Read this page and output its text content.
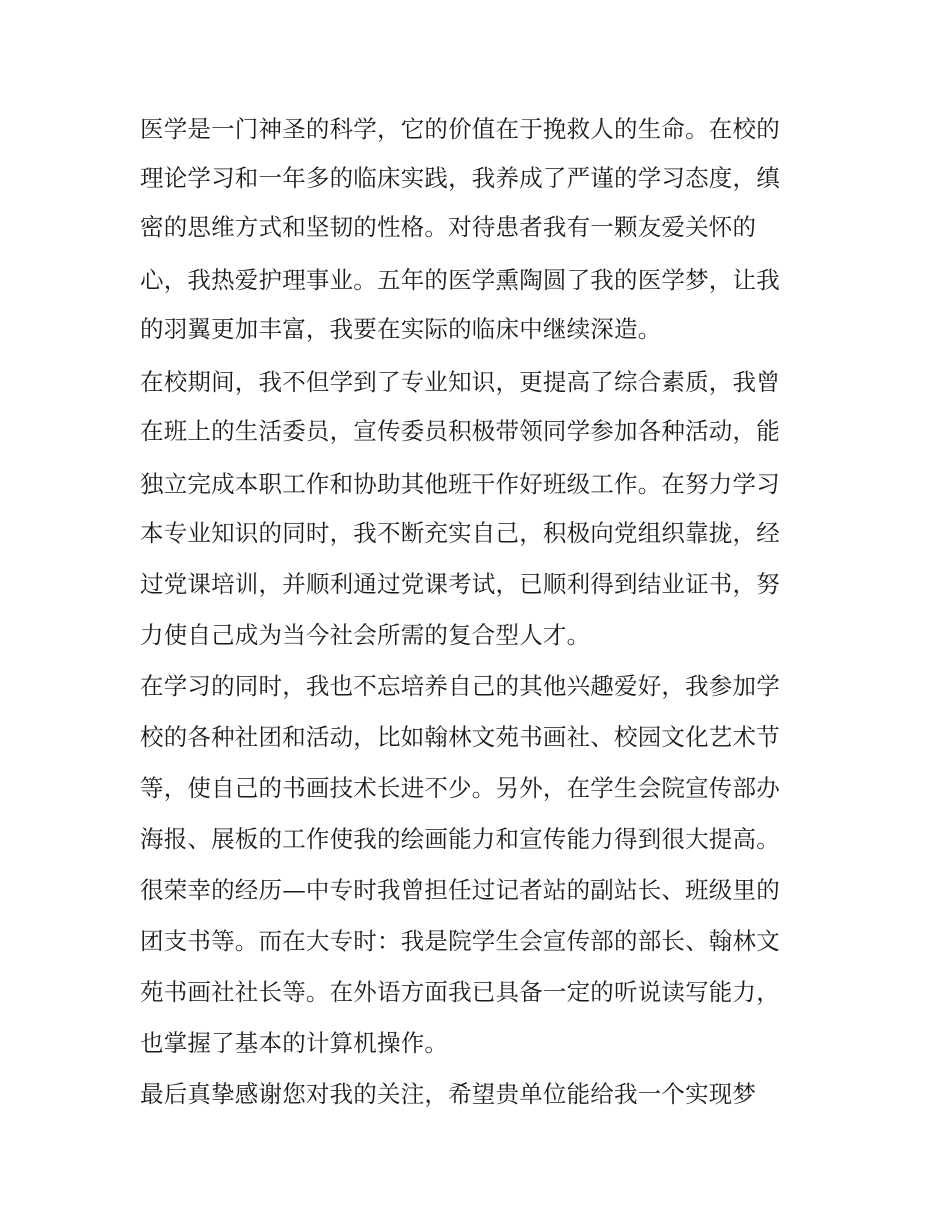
医学是一门神圣的科学，它的价值在于挽救人的生命。在校的
理论学习和一年多的临床实践，我养成了严谨的学习态度，缜
密的思维方式和坚韧的性格。对待患者我有一颗友爱关怀的
心，我热爱护理事业。五年的医学熏陶圆了我的医学梦，让我
的羽翼更加丰富，我要在实际的临床中继续深造。
在校期间，我不但学到了专业知识，更提高了综合素质，我曾
在班上的生活委员，宣传委员积极带领同学参加各种活动，能
独立完成本职工作和协助其他班干作好班级工作。在努力学习
本专业知识的同时，我不断充实自己，积极向党组织靠拢，经
过党课培训，并顺利通过党课考试，已顺利得到结业证书，努
力使自己成为当今社会所需的复合型人才。
在学习的同时，我也不忘培养自己的其他兴趣爱好，我参加学
校的各种社团和活动，比如翰林文苑书画社、校园文化艺术节
等，使自己的书画技术长进不少。另外，在学生会院宣传部办
海报、展板的工作使我的绘画能力和宣传能力得到很大提高。
很荣幸的经历—中专时我曾担任过记者站的副站长、班级里的
团支书等。而在大专时：我是院学生会宣传部的部长、翰林文
苑书画社社长等。在外语方面我已具备一定的听说读写能力，
也掌握了基本的计算机操作。
最后真挚感谢您对我的关注，希望贵单位能给我一个实现梦
